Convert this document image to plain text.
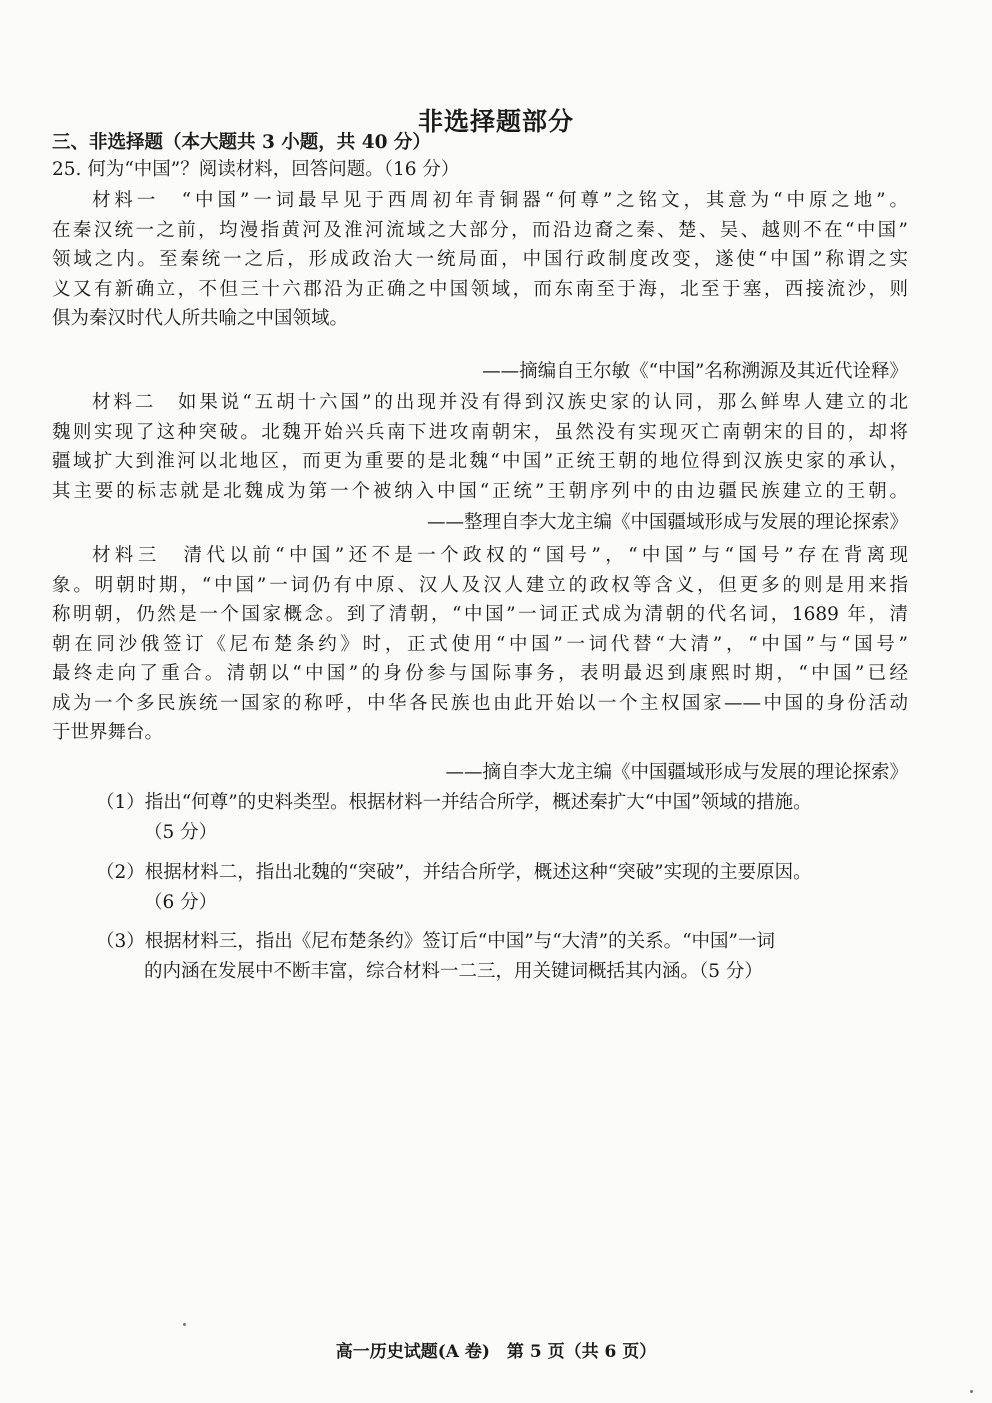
非选择题部分
三、非选择题（本大题共 3 小题，共 40 分）
25. 何为“中国”？阅读材料，回答问题。（16 分）
材料一　“中国”一词最早见于西周初年青铜器“何尊”之铭文，其意为“中原之地”。
在秦汉统一之前，均漫指黄河及淮河流域之大部分，而沿边裔之秦、楚、吴、越则不在“中国”
领域之内。至秦统一之后，形成政治大一统局面，中国行政制度改变，遂使“中国”称谓之实
义又有新确立，不但三十六郡沿为正确之中国领域，而东南至于海，北至于塞，西接流沙，则
俱为秦汉时代人所共喻之中国领域。
——摘编自王尔敏《“中国”名称溯源及其近代诠释》
材料二　如果说“五胡十六国”的出现并没有得到汉族史家的认同，那么鲜卑人建立的北
魏则实现了这种突破。北魏开始兴兵南下进攻南朝宋，虽然没有实现灭亡南朝宋的目的，却将
疆域扩大到淮河以北地区，而更为重要的是北魏“中国”正统王朝的地位得到汉族史家的承认，
其主要的标志就是北魏成为第一个被纳入中国“正统”王朝序列中的由边疆民族建立的王朝。
——整理自李大龙主编《中国疆域形成与发展的理论探索》
材料三　清代以前“中国”还不是一个政权的“国号”，“中国”与“国号”存在背离现
象。明朝时期，“中国”一词仍有中原、汉人及汉人建立的政权等含义，但更多的则是用来指
称明朝，仍然是一个国家概念。到了清朝，“中国”一词正式成为清朝的代名词，1689 年，清
朝在同沙俄签订《尼布楚条约》时，正式使用“中国”一词代替“大清”，“中国”与“国号”
最终走向了重合。清朝以“中国”的身份参与国际事务，表明最迟到康熙时期，“中国”已经
成为一个多民族统一国家的称呼，中华各民族也由此开始以一个主权国家——中国的身份活动
于世界舞台。
——摘自李大龙主编《中国疆域形成与发展的理论探索》
（1）指出“何尊”的史料类型。根据材料一并结合所学，概述秦扩大“中国”领域的措施。
（5 分）
（2）根据材料二，指出北魏的“突破”，并结合所学，概述这种“突破”实现的主要原因。
（6 分）
（3）根据材料三，指出《尼布楚条约》签订后“中国”与“大清”的关系。“中国”一词
的内涵在发展中不断丰富，综合材料一二三，用关键词概括其内涵。（5 分）
高一历史试题(A 卷)　第 5 页（共 6 页）
